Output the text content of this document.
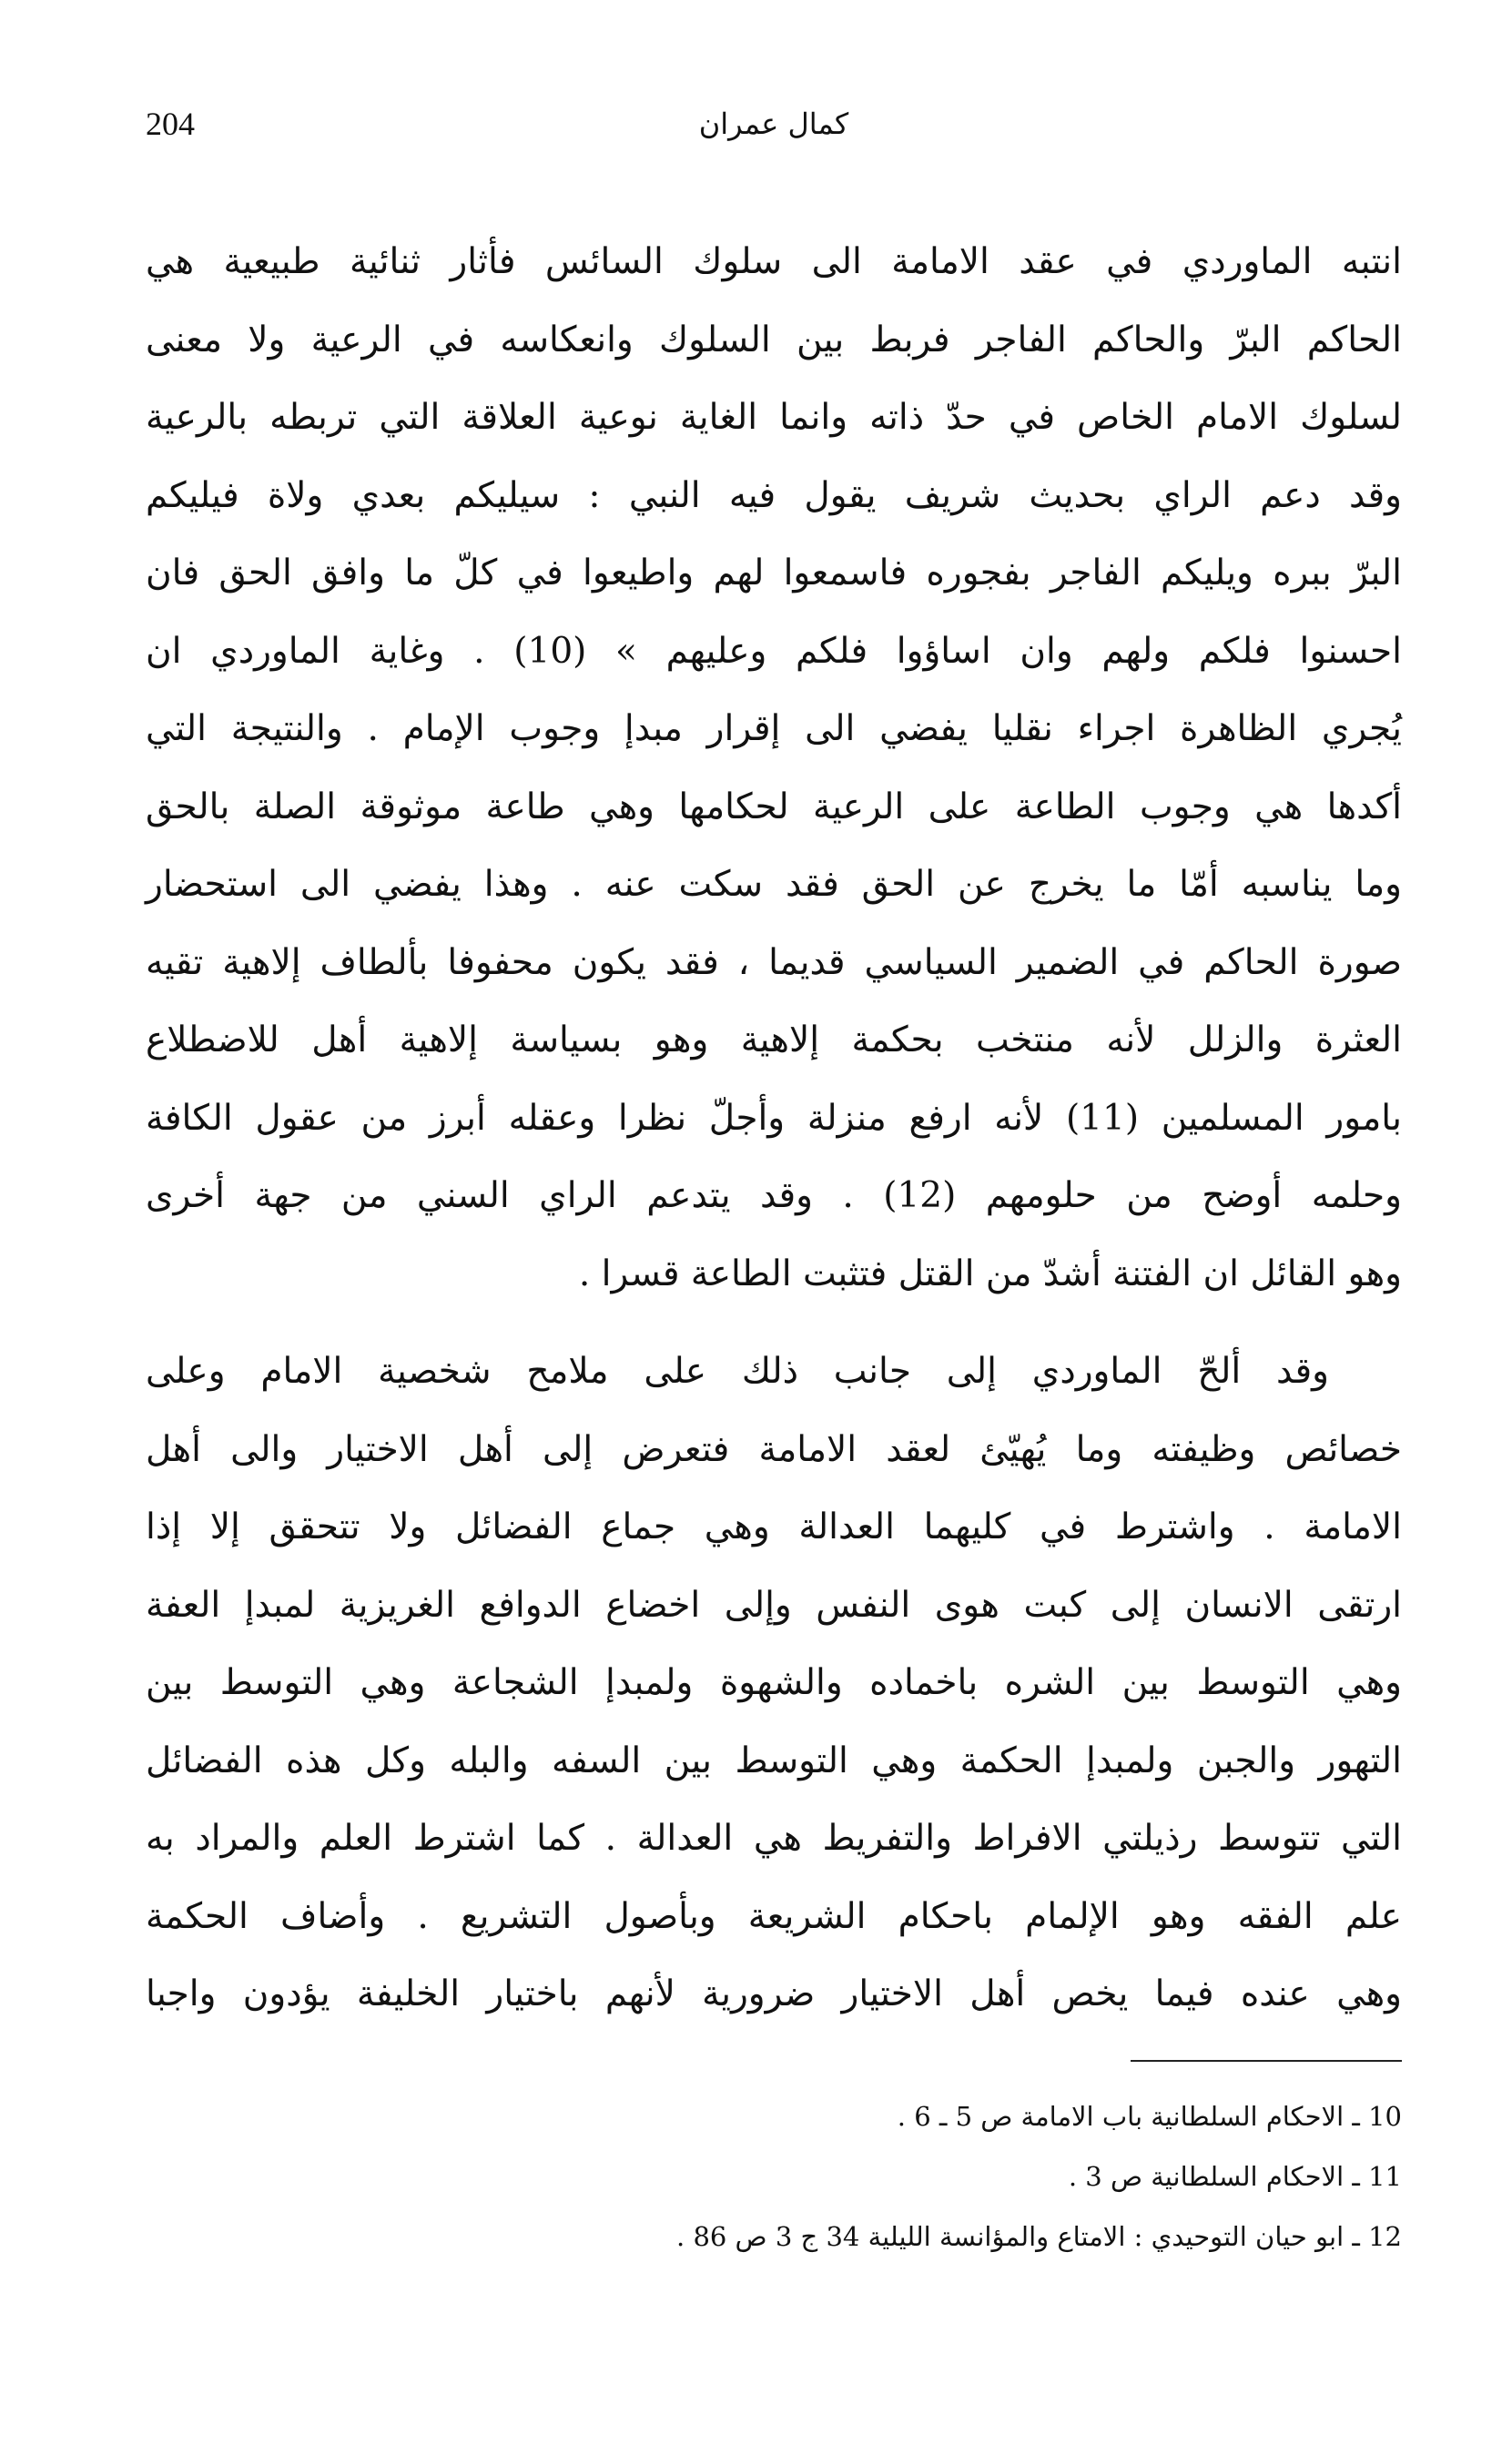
204	كمال عمران
انتبه الماوردي في عقد الامامة الى سلوك السائس فأثار ثنائية طبيعية هي
الحاكم البرّ والحاكم الفاجر فربط بين السلوك وانعكاسه في الرعية ولا معنى
لسلوك الامام الخاص في حدّ ذاته وانما الغاية نوعية العلاقة التي تربطه بالرعية
وقد دعم الراي بحديث شريف يقول فيه النبي : سيليكم بعدي ولاة فيليكم
البرّ ببره ويليكم الفاجر بفجوره فاسمعوا لهم واطيعوا في كلّ ما وافق الحق فان
احسنوا فلكم ولهم وان اساؤوا فلكم وعليهم » (10) . وغاية الماوردي ان
يُجري الظاهرة اجراء نقليا يفضي الى إقرار مبدإ وجوب الإمام . والنتيجة التي
أكدها هي وجوب الطاعة على الرعية لحكامها وهي طاعة موثوقة الصلة بالحق
وما يناسبه أمّا ما يخرج عن الحق فقد سكت عنه . وهذا يفضي الى استحضار
صورة الحاكم في الضمير السياسي قديما ، فقد يكون محفوفا بألطاف إلاهية تقيه
العثرة والزلل لأنه منتخب بحكمة إلاهية وهو بسياسة إلاهية أهل للاضطلاع
بامور المسلمين (11) لأنه ارفع منزلة وأجلّ نظرا وعقله أبرز من عقول الكافة
وحلمه أوضح من حلومهم (12) . وقد يتدعم الراي السني من جهة أخرى
وهو القائل ان الفتنة أشدّ من القتل فتثبت الطاعة قسرا .
وقد ألحّ الماوردي إلى جانب ذلك على ملامح شخصية الامام وعلى
خصائص وظيفته وما يُهيّئ لعقد الامامة فتعرض إلى أهل الاختيار والى أهل
الامامة . واشترط في كليهما العدالة وهي جماع الفضائل ولا تتحقق إلا إذا
ارتقى الانسان إلى كبت هوى النفس وإلى اخضاع الدوافع الغريزية لمبدإ العفة
وهي التوسط بين الشره باخماده والشهوة ولمبدإ الشجاعة وهي التوسط بين
التهور والجبن ولمبدإ الحكمة وهي التوسط بين السفه والبله وكل هذه الفضائل
التي تتوسط رذيلتي الافراط والتفريط هي العدالة . كما اشترط العلم والمراد به
علم الفقه وهو الإلمام باحكام الشريعة وبأصول التشريع . وأضاف الحكمة
وهي عنده فيما يخص أهل الاختيار ضرورية لأنهم باختيار الخليفة يؤدون واجبا
10 ـ الاحكام السلطانية باب الامامة ص 5 ـ 6 .
11 ـ الاحكام السلطانية ص 3 .
12 ـ ابو حيان التوحيدي : الامتاع والمؤانسة الليلية 34 ج 3 ص 86 .
